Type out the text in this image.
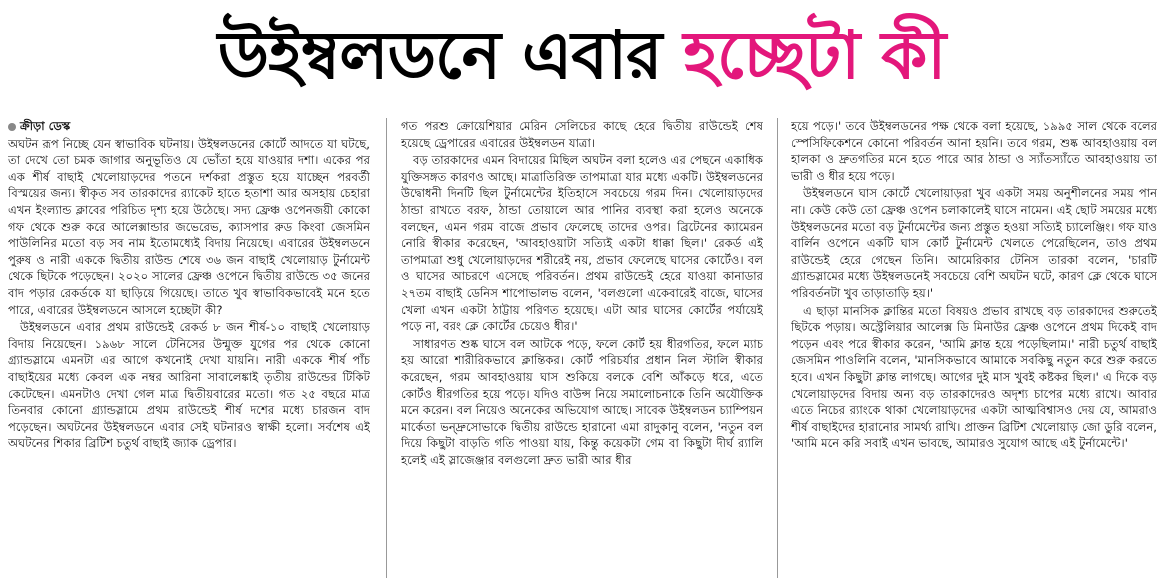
উইম্বলডনে এবার হচ্ছেটা কী
ক্রীড়া ডেস্ক

অঘটন রূপ নিচ্ছে যেন স্বাভাবিক ঘটনায়। উইম্বলডনের কোর্টে আদতে যা ঘটছে, তা দেখে তো চমক জাগার অনুভূতিও যে ভোঁতা হয়ে যাওয়ার দশা। একের পর এক শীর্ষ বাছাই খেলোয়াড়দের পতনে দর্শকরা প্রস্তুত হয়ে যাচ্ছেন পরবর্তী বিস্ময়ের জন্য। স্বীকৃত সব তারকাদের র‍্যাকেট হাতে হতাশা আর অসহায় চেহারা এখন ইংল্যান্ড ক্লাবের পরিচিত দৃশ্য হয়ে উঠেছে। সদ্য ফ্রেঞ্চ ওপেনজয়ী কোকো গফ থেকে শুরু করে আলেক্সান্ডার জভেরেভ, ক্যাসপার রুড কিংবা জেসমিন পাউলিনির মতো বড় সব নাম ইতোমধ্যেই বিদায় নিয়েছে। এবারের উইম্বলডনে পুরুষ ও নারী এককে দ্বিতীয় রাউন্ড শেষে ৩৬ জন বাছাই খেলোয়াড় টুর্নামেন্ট থেকে ছিটকে পড়েছেন। ২০২০ সালের ফ্রেঞ্চ ওপেনে দ্বিতীয় রাউন্ডে ৩৫ জনের বাদ পড়ার রেকর্ডকে যা ছাড়িয়ে গিয়েছে। তাতে খুব স্বাভাবিকভাবেই মনে হতে পারে, এবারের উইম্বলডনে আসলে হচ্ছেটা কী?

উইম্বলডনে এবার প্রথম রাউন্ডেই রেকর্ড ৮ জন শীর্ষ-১০ বাছাই খেলোয়াড় বিদায় নিয়েছেন। ১৯৬৮ সালে টেনিসের উন্মুক্ত যুগের পর থেকে কোনো গ্র্যান্ডস্লামে এমনটা এর আগে কখনোই দেখা যায়নি। নারী এককে শীর্ষ পাঁচ বাছাইয়ের মধ্যে কেবল এক নম্বর আরিনা সাবালেঙ্কাই তৃতীয় রাউন্ডের টিকিট কেটেছেন। এমনটাও দেখা গেল মাত্র দ্বিতীয়বারের মতো। গত ২৫ বছরে মাত্র তিনবার কোনো গ্র্যান্ডস্লামে প্রথম রাউন্ডেই শীর্ষ দশের মধ্যে চারজন বাদ পড়েছেন। অঘটনের উইম্বলডনে এবার সেই ঘটনারও স্বাক্ষী হলো। সর্বশেষ এই অঘটনের শিকার ব্রিটিশ চতুর্থ বাছাই জ্যাক ড্রেপার।

গত পরশু ক্রোয়েশিয়ার মেরিন সেলিচের কাছে হেরে দ্বিতীয় রাউন্ডেই শেষ হয়েছে ড্রেপারের এবারের উইম্বলডন যাত্রা।

বড় তারকাদের এমন বিদায়ের মিছিল অঘটন বলা হলেও এর পেছনে একাধিক যুক্তিসঙ্গত কারণও আছে। মাত্রাতিরিক্ত তাপমাত্রা যার মধ্যে একটি। উইম্বলডনের উদ্বোধনী দিনটি ছিল টুর্নামেন্টের ইতিহাসে সবচেয়ে গরম দিন। খেলোয়াড়দের ঠান্ডা রাখতে বরফ, ঠান্ডা তোয়ালে আর পানির ব্যবস্থা করা হলেও অনেকে বলছেন, এমন গরম বাজে প্রভাব ফেলেছে তাদের ওপর। ব্রিটেনের ক্যামেরন নোরি স্বীকার করেছেন, 'আবহাওয়াটা সত্যিই একটা ধাক্কা ছিল।' রেকর্ড এই তাপমাত্রা শুধু খেলোয়াড়দের শরীরেই নয়, প্রভাব ফেলেছে ঘাসের কোর্টেও। বল ও ঘাসের আচরণে এসেছে পরিবর্তন। প্রথম রাউন্ডেই হেরে যাওয়া কানাডার ২৭তম বাছাই ডেনিস শাপোভালভ বলেন, 'বলগুলো একেবারেই বাজে, ঘাসের খেলা এখন একটা ঠাট্টায় পরিণত হয়েছে। এটা আর ঘাসের কোর্টের পর্যায়েই পড়ে না, বরং ক্লে কোর্টের চেয়েও ধীর।'

সাধারণত শুষ্ক ঘাসে বল আটকে পড়ে, ফলে কোর্ট হয় ধীরগতির, ফলে ম্যাচ হয় আরো শারীরিকভাবে ক্লান্তিকর। কোর্ট পরিচর্যার প্রধান নিল স্টালি স্বীকার করেছেন, গরম আবহাওয়ায় ঘাস শুকিয়ে বলকে বেশি আঁকড়ে ধরে, এতে কোর্টও ধীরগতির হয়ে পড়ে। যদিও বাউন্স নিয়ে সমালোচনাকে তিনি অযৌক্তিক মনে করেন। বল নিয়েও অনেকের অভিযোগ আছে। সাবেক উইম্বলডন চ্যাম্পিয়ন মার্কেতা ভন্দ্রুসোভাকে দ্বিতীয় রাউন্ডে হারানো এমা রাদুকানু বলেন, 'নতুন বল দিয়ে কিছুটা বাড়তি গতি পাওয়া যায়, কিন্তু কয়েকটা গেম বা কিছুটা দীর্ঘ র‍্যালি হলেই এই স্লাজেঞ্জার বলগুলো দ্রুত ভারী আর ধীর

হয়ে পড়ে।' তবে উইম্বলডনের পক্ষ থেকে বলা হয়েছে, ১৯৯৫ সাল থেকে বলের স্পেসিফিকেশনে কোনো পরিবর্তন আনা হয়নি। তবে গরম, শুষ্ক আবহাওয়ায় বল হালকা ও দ্রুতগতির মনে হতে পারে আর ঠান্ডা ও স্যাঁতস্যাঁতে আবহাওয়ায় তা ভারী ও ধীর হয়ে পড়ে।

উইম্বলডনে ঘাস কোর্টে খেলোয়াড়রা খুব একটা সময় অনুশীলনের সময় পান না। কেউ কেউ তো ফ্রেঞ্চ ওপেন চলাকালেই ঘাসে নামেন। এই ছোট সময়ের মধ্যে উইম্বলডনের মতো বড় টুর্নামেন্টের জন্য প্রস্তুত হওয়া সত্যিই চ্যালেঞ্জিং। গফ যাও বার্লিন ওপেনে একটি ঘাস কোর্ট টুর্নামেন্ট খেলতে পেরেছিলেন, তাও প্রথম রাউন্ডেই হেরে গেছেন তিনি। আমেরিকার টেনিস তারকা বলেন, 'চারটি গ্র্যান্ডস্লামের মধ্যে উইম্বলডনেই সবচেয়ে বেশি অঘটন ঘটে, কারণ ক্লে থেকে ঘাসে পরিবর্তনটা খুব তাড়াতাড়ি হয়।'

এ ছাড়া মানসিক ক্লান্তির মতো বিষয়ও প্রভাব রাখছে বড় তারকাদের শুরুতেই ছিটকে পড়ায়। অস্ট্রেলিয়ার আলেক্স ডি মিনাউর ফ্রেঞ্চ ওপেনে প্রথম দিকেই বাদ পড়েন এবং পরে স্বীকার করেন, 'আমি ক্লান্ত হয়ে পড়েছিলাম।' নারী চতুর্থ বাছাই জেসমিন পাওলিনি বলেন, 'মানসিকভাবে আমাকে সবকিছু নতুন করে শুরু করতে হবে। এখন কিছুটা ক্লান্ত লাগছে। আগের দুই মাস খুবই কষ্টকর ছিল।' এ দিকে বড় খেলোয়াড়দের বিদায় অন্য বড় তারকাদেরও অদৃশ্য চাপের মধ্যে রাখে। আবার এতে নিচের র‍্যাংকে থাকা খেলোয়াড়দের একটা আত্মবিশ্বাসও দেয় যে, আমরাও শীর্ষ বাছাইদের হারানোর সামর্থ্য রাখি। প্রাক্তন ব্রিটিশ খেলোয়াড় জো ডুরি বলেন, 'আমি মনে করি সবাই এখন ভাবছে, আমারও সুযোগ আছে এই টুর্নামেন্টে।'
